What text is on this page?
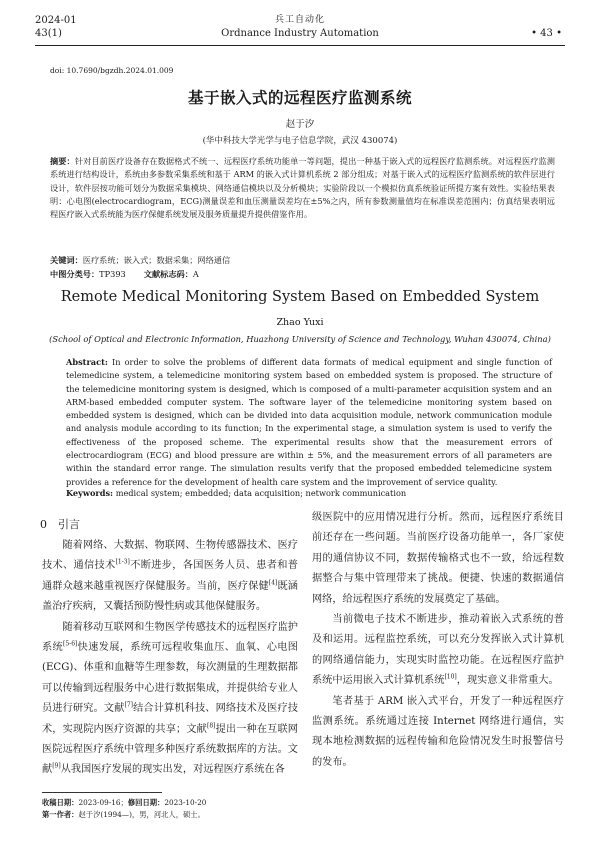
2024-01
43(1)
兵工自动化
Ordnance Industry Automation	• 43 •
doi: 10.7690/bgzdh.2024.01.009
基于嵌入式的远程医疗监测系统
赵于汐
(华中科技大学光学与电子信息学院，武汉 430074)
摘要：针对目前医疗设备存在数据格式不统一、远程医疗系统功能单一等问题，提出一种基于嵌入式的远程医疗监测系统。对远程医疗监测系统进行结构设计，系统由多参数采集系统和基于 ARM 的嵌入式计算机系统 2 部分组成；对基于嵌入式的远程医疗监测系统的软件层进行设计，软件层按功能可划分为数据采集模块、网络通信模块以及分析模块；实验阶段以一个模拟仿真系统验证所提方案有效性。实验结果表明：心电图(electrocardiogram，ECG)测量误差和血压测量误差均在±5%之内，所有参数测量值均在标准误差范围内；仿真结果表明远程医疗嵌入式系统能为医疗保健系统发展及服务质量提升提供借鉴作用。
关键词：医疗系统；嵌入式；数据采集；网络通信
中图分类号：TP393 文献标志码：A
Remote Medical Monitoring System Based on Embedded System
Zhao Yuxi
(School of Optical and Electronic Information, Huazhong University of Science and Technology, Wuhan 430074, China)
Abstract: In order to solve the problems of different data formats of medical equipment and single function of telemedicine system, a telemedicine monitoring system based on embedded system is proposed. The structure of the telemedicine monitoring system is designed, which is composed of a multi-parameter acquisition system and an ARM-based embedded computer system. The software layer of the telemedicine monitoring system based on embedded system is designed, which can be divided into data acquisition module, network communication module and analysis module according to its function; In the experimental stage, a simulation system is used to verify the effectiveness of the proposed scheme. The experimental results show that the measurement errors of electrocardiogram (ECG) and blood pressure are within ± 5%, and the measurement errors of all parameters are within the standard error range. The simulation results verify that the proposed embedded telemedicine system provides a reference for the development of health care system and the improvement of service quality.
Keywords: medical system; embedded; data acquisition; network communication
0 引言

随着网络、大数据、物联网、生物传感器技术、医疗技术、通信技术[1-3]不断进步，各国医务人员、患者和普通群众越来越重视医疗保健服务。当前，医疗保健[4]既涵盖治疗疾病，又囊括预防慢性病或其他保健服务。

随着移动互联网和生物医学传感技术的远程医疗监护系统[5-6]快速发展，系统可远程收集血压、血氧、心电图(ECG)、体重和血糖等生理参数，每次测量的生理数据都可以传输到远程服务中心进行数据集成，并提供给专业人员进行研究。文献[7]结合计算机科技、网络技术及医疗技术，实现院内医疗资源的共享；文献[8]提出一种在互联网医院远程医疗系统中管理多种医疗系统数据库的方法。文献[9]从我国医疗发展的现实出发，对远程医疗系统在各

级医院中的应用情况进行分析。然而，远程医疗系统目前还存在一些问题。当前医疗设备功能单一，各厂家使用的通信协议不同，数据传输格式也不一致，给远程数据整合与集中管理带来了挑战。便捷、快速的数据通信网络，给远程医疗系统的发展奠定了基础。

当前微电子技术不断进步，推动着嵌入式系统的普及和运用。远程监控系统，可以充分发挥嵌入式计算机的网络通信能力，实现实时监控功能。在远程医疗监护系统中运用嵌入式计算机系统[10]，现实意义非常重大。

笔者基于 ARM 嵌入式平台，开发了一种远程医疗监测系统。系统通过连接 Internet 网络进行通信，实现本地检测数据的远程传输和危险情况发生时报警信号的发布。

收稿日期：2023-09-16；修回日期：2023-10-20
第一作者：赵于汐(1994—)，男，河北人，硕士。
